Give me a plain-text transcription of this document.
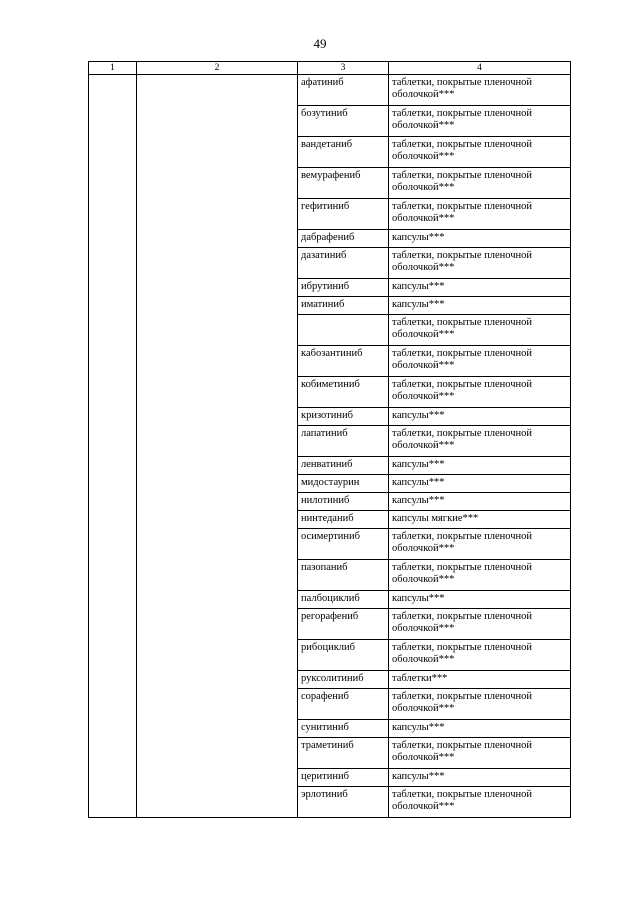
49
1	2	3	4
		афатиниб	таблетки, покрытые пленочной оболочкой***
		бозутиниб	таблетки, покрытые пленочной оболочкой***
		вандетаниб	таблетки, покрытые пленочной оболочкой***
		вемурафениб	таблетки, покрытые пленочной оболочкой***
		гефитиниб	таблетки, покрытые пленочной оболочкой***
		дабрафениб	капсулы***
		дазатиниб	таблетки, покрытые пленочной оболочкой***
		ибрутиниб	капсулы***
		иматиниб	капсулы***
			таблетки, покрытые пленочной оболочкой***
		кабозантиниб	таблетки, покрытые пленочной оболочкой***
		кобиметиниб	таблетки, покрытые пленочной оболочкой***
		кризотиниб	капсулы***
		лапатиниб	таблетки, покрытые пленочной оболочкой***
		ленватиниб	капсулы***
		мидостаурин	капсулы***
		нилотиниб	капсулы***
		нинтеданиб	капсулы мягкие***
		осимертиниб	таблетки, покрытые пленочной оболочкой***
		пазопаниб	таблетки, покрытые пленочной оболочкой***
		палбоциклиб	капсулы***
		регорафениб	таблетки, покрытые пленочной оболочкой***
		рибоциклиб	таблетки, покрытые пленочной оболочкой***
		руксолитиниб	таблетки***
		сорафениб	таблетки, покрытые пленочной оболочкой***
		сунитиниб	капсулы***
		траметиниб	таблетки, покрытые пленочной оболочкой***
		церитиниб	капсулы***
		эрлотиниб	таблетки, покрытые пленочной оболочкой***
